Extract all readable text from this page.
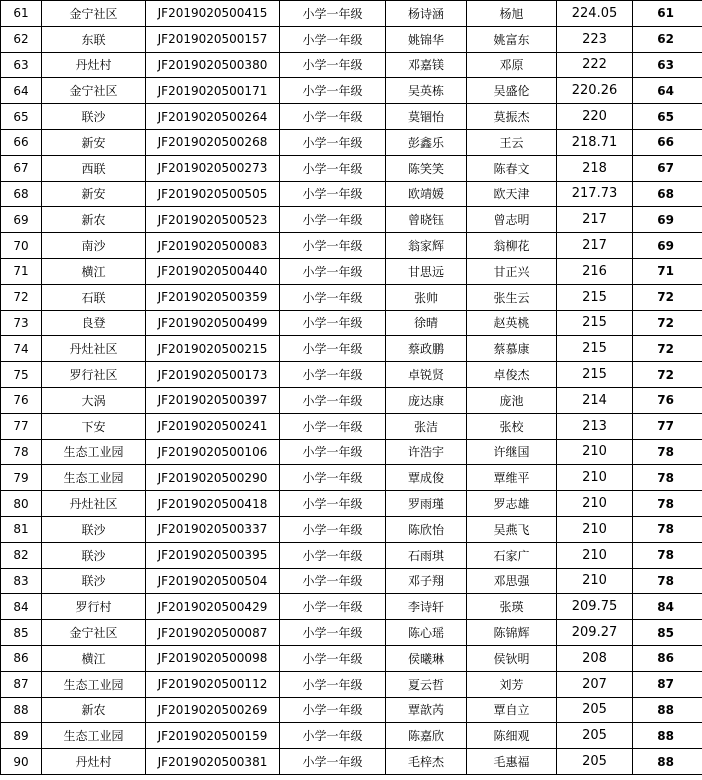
61	金宁社区	JF2019020500415	小学一年级	杨诗涵	杨旭	224.05	61
62	东联	JF2019020500157	小学一年级	姚锦华	姚富东	223	62
63	丹灶村	JF2019020500380	小学一年级	邓嘉镁	邓原	222	63
64	金宁社区	JF2019020500171	小学一年级	吴英栋	吴盛伦	220.26	64
65	联沙	JF2019020500264	小学一年级	莫锢怡	莫振杰	220	65
66	新安	JF2019020500268	小学一年级	彭鑫乐	王云	218.71	66
67	西联	JF2019020500273	小学一年级	陈笑笑	陈春文	218	67
68	新安	JF2019020500505	小学一年级	欧靖媛	欧天津	217.73	68
69	新农	JF2019020500523	小学一年级	曾晓钰	曾志明	217	69
70	南沙	JF2019020500083	小学一年级	翁家辉	翁柳花	217	69
71	横江	JF2019020500440	小学一年级	甘思远	甘正兴	216	71
72	石联	JF2019020500359	小学一年级	张帅	张生云	215	72
73	良登	JF2019020500499	小学一年级	徐晴	赵英桃	215	72
74	丹灶社区	JF2019020500215	小学一年级	蔡政鹏	蔡慕康	215	72
75	罗行社区	JF2019020500173	小学一年级	卓锐贤	卓俊杰	215	72
76	大涡	JF2019020500397	小学一年级	庞达康	庞池	214	76
77	下安	JF2019020500241	小学一年级	张洁	张校	213	77
78	生态工业园	JF2019020500106	小学一年级	许浩宇	许继国	210	78
79	生态工业园	JF2019020500290	小学一年级	覃成俊	覃维平	210	78
80	丹灶社区	JF2019020500418	小学一年级	罗雨瑾	罗志雄	210	78
81	联沙	JF2019020500337	小学一年级	陈欣怡	吴燕飞	210	78
82	联沙	JF2019020500395	小学一年级	石雨琪	石家广	210	78
83	联沙	JF2019020500504	小学一年级	邓子翔	邓思强	210	78
84	罗行村	JF2019020500429	小学一年级	李诗轩	张瑛	209.75	84
85	金宁社区	JF2019020500087	小学一年级	陈心瑶	陈锦辉	209.27	85
86	横江	JF2019020500098	小学一年级	侯曦琳	侯钬明	208	86
87	生态工业园	JF2019020500112	小学一年级	夏云哲	刘芳	207	87
88	新农	JF2019020500269	小学一年级	覃歆芮	覃自立	205	88
89	生态工业园	JF2019020500159	小学一年级	陈嘉欣	陈细观	205	88
90	丹灶村	JF2019020500381	小学一年级	毛梓杰	毛惠福	205	88
